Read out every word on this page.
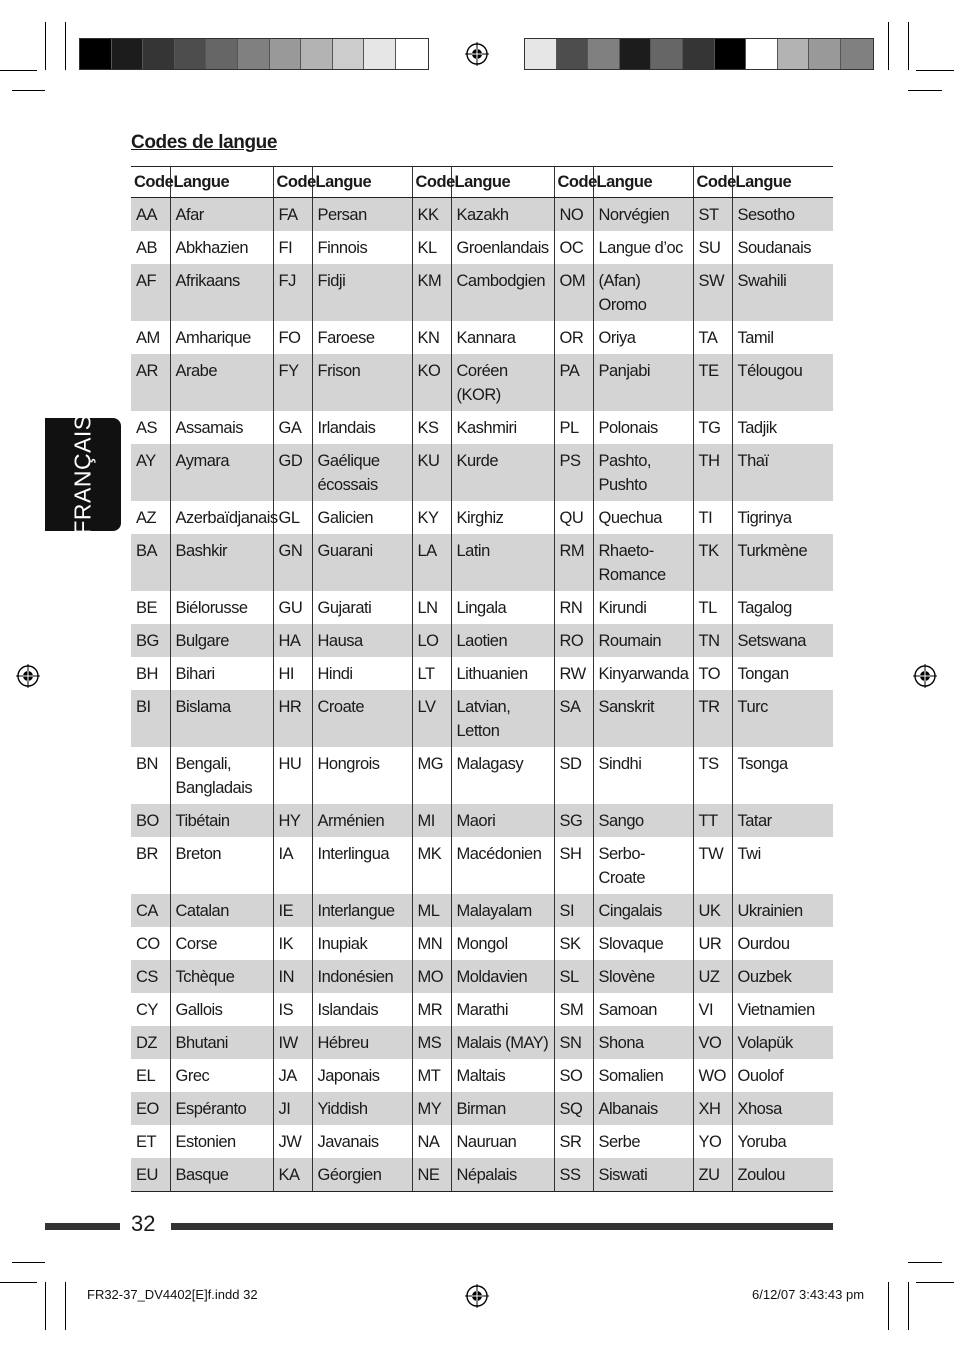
FRANÇAIS
Codes de langue
Code	Langue	Code	Langue	Code	Langue	Code	Langue	Code	Langue
AA	Afar	FA	Persan	KK	Kazakh	NO	Norvégien	ST	Sesotho
AB	Abkhazien	FI	Finnois	KL	Groenlandais	OC	Langue d’oc	SU	Soudanais
AF	Afrikaans	FJ	Fidji	KM	Cambodgien	OM	(Afan) Oromo	SW	Swahili
AM	Amharique	FO	Faroese	KN	Kannara	OR	Oriya	TA	Tamil
AR	Arabe	FY	Frison	KO	Coréen (KOR)	PA	Panjabi	TE	Télougou
AS	Assamais	GA	Irlandais	KS	Kashmiri	PL	Polonais	TG	Tadjik
AY	Aymara	GD	Gaélique écossais	KU	Kurde	PS	Pashto, Pushto	TH	Thaï
AZ	Azerbaïdjanais	GL	Galicien	KY	Kirghiz	QU	Quechua	TI	Tigrinya
BA	Bashkir	GN	Guarani	LA	Latin	RM	Rhaeto-Romance	TK	Turkmène
BE	Biélorusse	GU	Gujarati	LN	Lingala	RN	Kirundi	TL	Tagalog
BG	Bulgare	HA	Hausa	LO	Laotien	RO	Roumain	TN	Setswana
BH	Bihari	HI	Hindi	LT	Lithuanien	RW	Kinyarwanda	TO	Tongan
BI	Bislama	HR	Croate	LV	Latvian, Letton	SA	Sanskrit	TR	Turc
BN	Bengali, Bangladais	HU	Hongrois	MG	Malagasy	SD	Sindhi	TS	Tsonga
BO	Tibétain	HY	Arménien	MI	Maori	SG	Sango	TT	Tatar
BR	Breton	IA	Interlingua	MK	Macédonien	SH	Serbo-Croate	TW	Twi
CA	Catalan	IE	Interlangue	ML	Malayalam	SI	Cingalais	UK	Ukrainien
CO	Corse	IK	Inupiak	MN	Mongol	SK	Slovaque	UR	Ourdou
CS	Tchèque	IN	Indonésien	MO	Moldavien	SL	Slovène	UZ	Ouzbek
CY	Gallois	IS	Islandais	MR	Marathi	SM	Samoan	VI	Vietnamien
DZ	Bhutani	IW	Hébreu	MS	Malais (MAY)	SN	Shona	VO	Volapük
EL	Grec	JA	Japonais	MT	Maltais	SO	Somalien	WO	Ouolof
EO	Espéranto	JI	Yiddish	MY	Birman	SQ	Albanais	XH	Xhosa
ET	Estonien	JW	Javanais	NA	Nauruan	SR	Serbe	YO	Yoruba
EU	Basque	KA	Géorgien	NE	Népalais	SS	Siswati	ZU	Zoulou
32
FR32-37_DV4402[E]f.indd 32	6/12/07 3:43:43 pm
